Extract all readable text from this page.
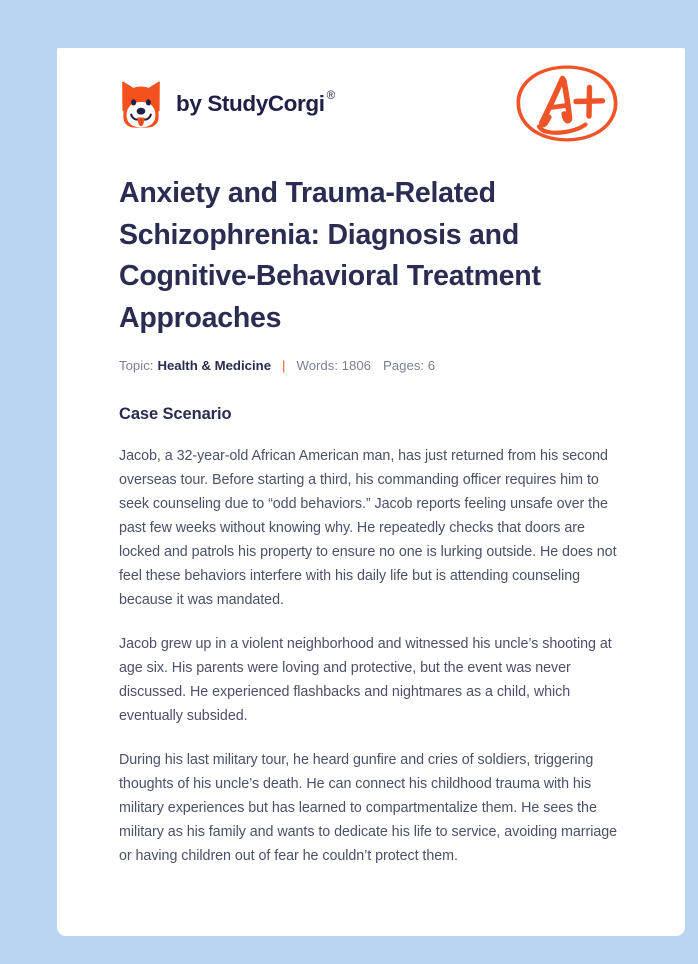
by
StudyCorgi ®
Anxiety and Trauma-Related Schizophrenia: Diagnosis and Cognitive-Behavioral Treatment Approaches
Topic: Health & Medicine | Words: 1806 Pages: 6
Case Scenario

Jacob, a 32-year-old African American man, has just returned from his second overseas tour. Before starting a third, his commanding officer requires him to seek counseling due to “odd behaviors.” Jacob reports feeling unsafe over the past few weeks without knowing why. He repeatedly checks that doors are locked and patrols his property to ensure no one is lurking outside. He does not feel these behaviors interfere with his daily life but is attending counseling because it was mandated.

Jacob grew up in a violent neighborhood and witnessed his uncle’s shooting at age six. His parents were loving and protective, but the event was never discussed. He experienced flashbacks and nightmares as a child, which eventually subsided.

During his last military tour, he heard gunfire and cries of soldiers, triggering thoughts of his uncle’s death. He can connect his childhood trauma with his military experiences but has learned to compartmentalize them. He sees the military as his family and wants to dedicate his life to service, avoiding marriage or having children out of fear he couldn’t protect them.
